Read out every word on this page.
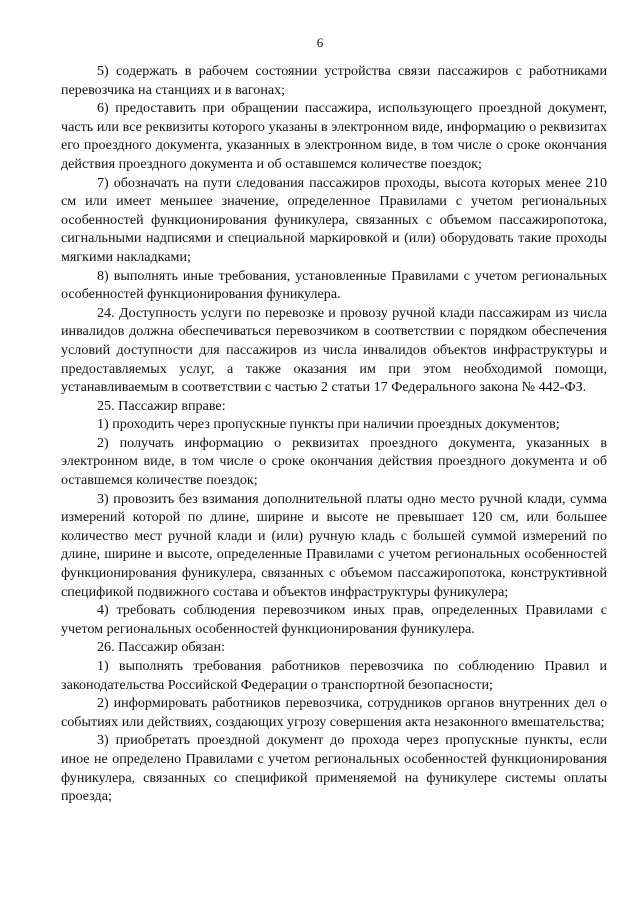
6

5) содержать в рабочем состоянии устройства связи пассажиров с работниками перевозчика на станциях и в вагонах;

6) предоставить при обращении пассажира, использующего проездной документ, часть или все реквизиты которого указаны в электронном виде, информацию о реквизитах его проездного документа, указанных в электронном виде, в том числе о сроке окончания действия проездного документа и об оставшемся количестве поездок;

7) обозначать на пути следования пассажиров проходы, высота которых менее 210 см или имеет меньшее значение, определенное Правилами с учетом региональных особенностей функционирования фуникулера, связанных с объемом пассажиропотока, сигнальными надписями и специальной маркировкой и (или) оборудовать такие проходы мягкими накладками;

8) выполнять иные требования, установленные Правилами с учетом региональных особенностей функционирования фуникулера.

24. Доступность услуги по перевозке и провозу ручной клади пассажирам из числа инвалидов должна обеспечиваться перевозчиком в соответствии с порядком обеспечения условий доступности для пассажиров из числа инвалидов объектов инфраструктуры и предоставляемых услуг, а также оказания им при этом необходимой помощи, устанавливаемым в соответствии с частью 2 статьи 17 Федерального закона № 442-ФЗ.

25. Пассажир вправе:

1) проходить через пропускные пункты при наличии проездных документов;

2) получать информацию о реквизитах проездного документа, указанных в электронном виде, в том числе о сроке окончания действия проездного документа и об оставшемся количестве поездок;

3) провозить без взимания дополнительной платы одно место ручной клади, сумма измерений которой по длине, ширине и высоте не превышает 120 см, или большее количество мест ручной клади и (или) ручную кладь с большей суммой измерений по длине, ширине и высоте, определенные Правилами с учетом региональных особенностей функционирования фуникулера, связанных с объемом пассажиропотока, конструктивной спецификой подвижного состава и объектов инфраструктуры фуникулера;

4) требовать соблюдения перевозчиком иных прав, определенных Правилами с учетом региональных особенностей функционирования фуникулера.

26. Пассажир обязан:

1) выполнять требования работников перевозчика по соблюдению Правил и законодательства Российской Федерации о транспортной безопасности;

2) информировать работников перевозчика, сотрудников органов внутренних дел о событиях или действиях, создающих угрозу совершения акта незаконного вмешательства;

3) приобретать проездной документ до прохода через пропускные пункты, если иное не определено Правилами с учетом региональных особенностей функционирования фуникулера, связанных со спецификой применяемой на фуникулере системы оплаты проезда;
